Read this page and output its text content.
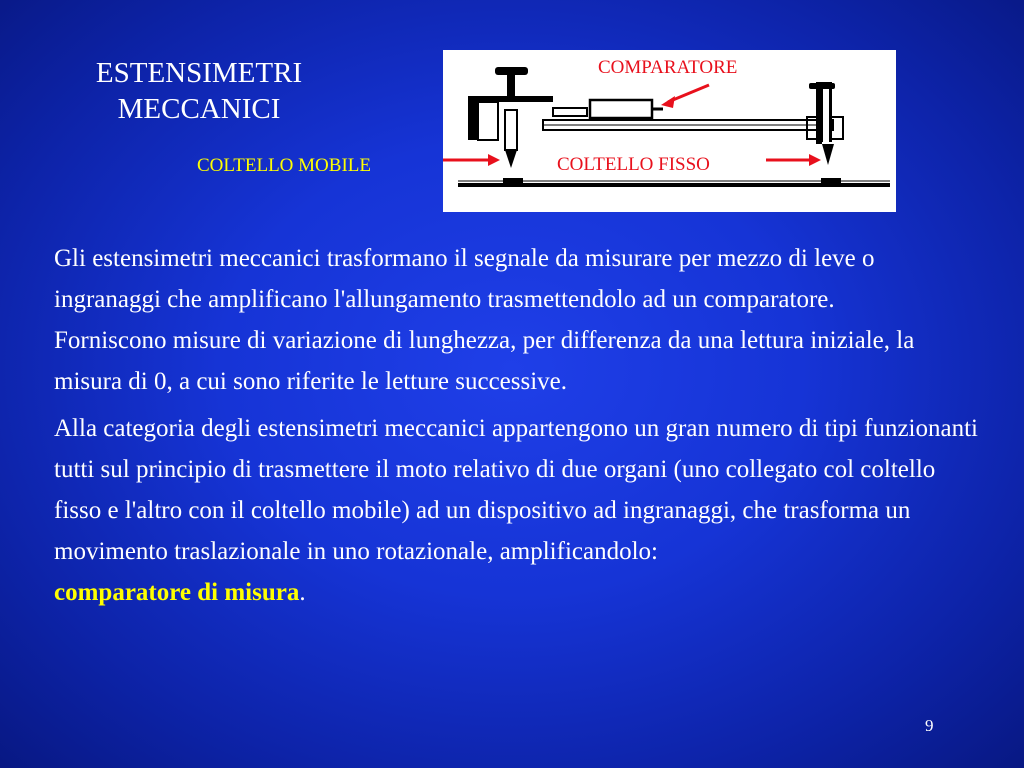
ESTENSIMETRI
MECCANICI
COLTELLO MOBILE
COMPARATORE
COLTELLO FISSO

Gli estensimetri meccanici trasformano il segnale da misurare per mezzo di leve o ingranaggi che amplificano l'allungamento trasmettendolo ad un comparatore.

Forniscono misure di variazione di lunghezza, per differenza da una lettura iniziale, la misura di 0, a cui sono riferite le letture successive.

Alla categoria degli estensimetri meccanici appartengono un gran numero di tipi funzionanti tutti sul principio di trasmettere il moto relativo di due organi (uno collegato col coltello fisso e l'altro con il coltello mobile) ad un dispositivo ad ingranaggi, che trasforma un movimento traslazionale in uno rotazionale, amplificandolo:
comparatore di misura.

9
